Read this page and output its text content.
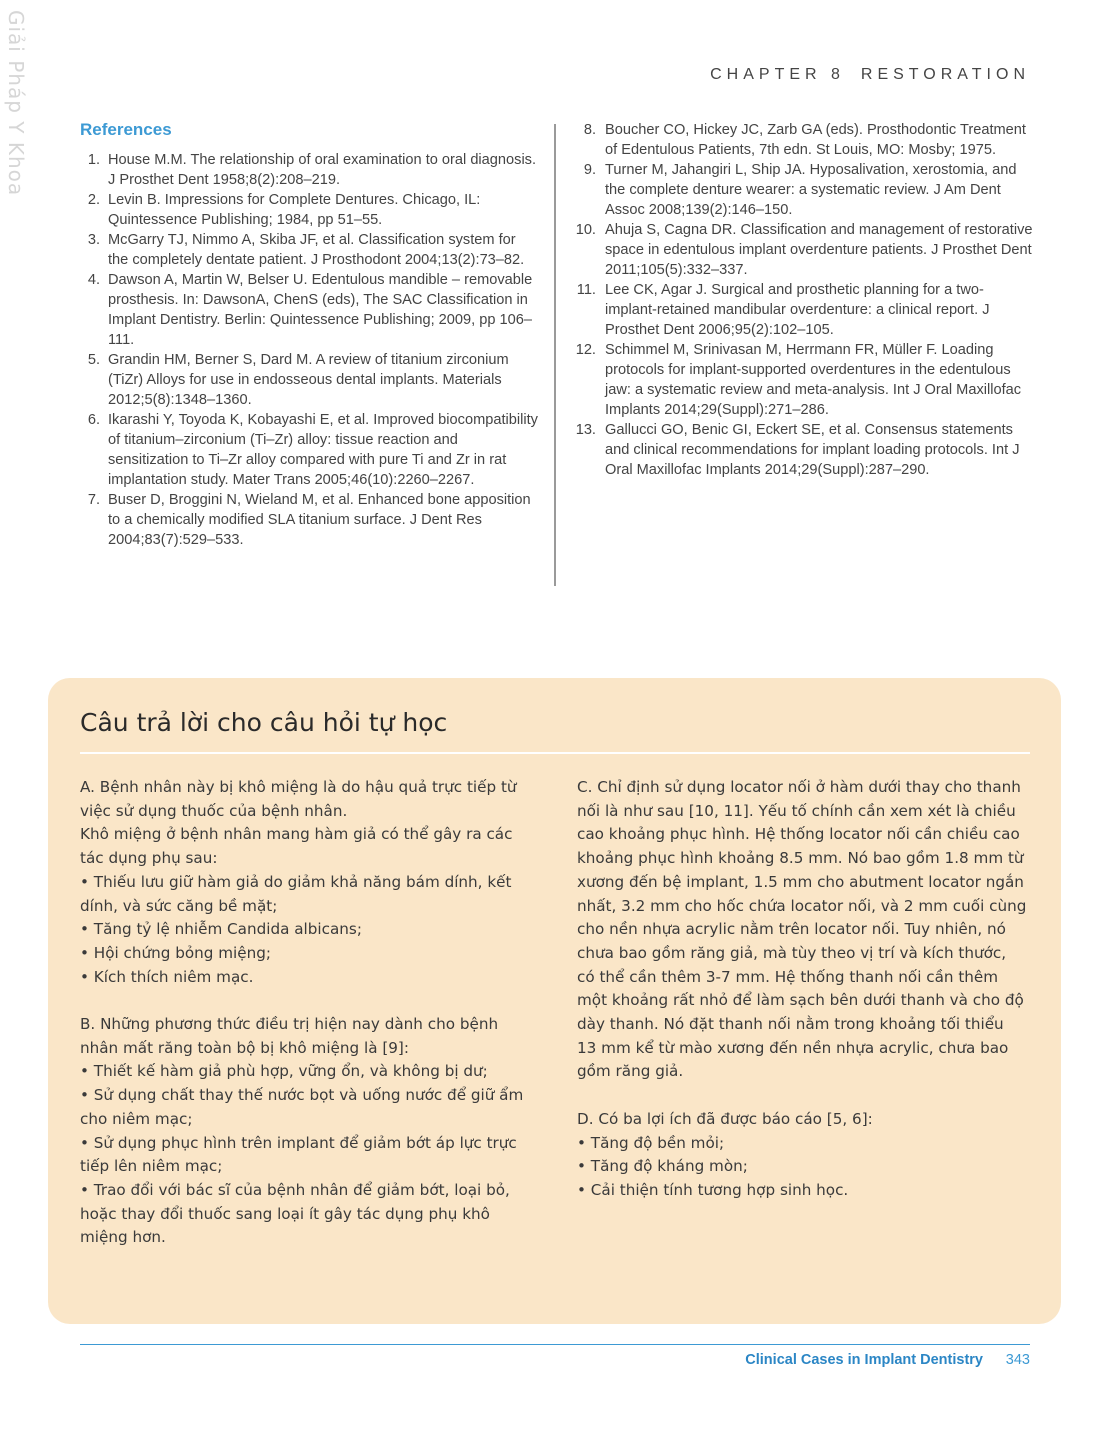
Giải Pháp Y Khoa	CHAPTER 8 RESTORATION
References
1. House M.M. The relationship of oral examination to oral diagnosis. J Prosthet Dent 1958;8(2):208–219.
2. Levin B. Impressions for Complete Dentures. Chicago, IL: Quintessence Publishing; 1984, pp 51–55.
3. McGarry TJ, Nimmo A, Skiba JF, et al. Classification system for the completely dentate patient. J Prosthodont 2004;13(2):73–82.
4. Dawson A, Martin W, Belser U. Edentulous mandible – removable prosthesis. In: DawsonA, ChenS (eds), The SAC Classification in Implant Dentistry. Berlin: Quintessence Publishing; 2009, pp 106–111.
5. Grandin HM, Berner S, Dard M. A review of titanium zirconium (TiZr) Alloys for use in endosseous dental implants. Materials 2012;5(8):1348–1360.
6. Ikarashi Y, Toyoda K, Kobayashi E, et al. Improved biocompatibility of titanium–zirconium (Ti–Zr) alloy: tissue reaction and sensitization to Ti–Zr alloy compared with pure Ti and Zr in rat implantation study. Mater Trans 2005;46(10):2260–2267.
7. Buser D, Broggini N, Wieland M, et al. Enhanced bone apposition to a chemically modified SLA titanium surface. J Dent Res 2004;83(7):529–533.
8. Boucher CO, Hickey JC, Zarb GA (eds). Prosthodontic Treatment of Edentulous Patients, 7th edn. St Louis, MO: Mosby; 1975.
9. Turner M, Jahangiri L, Ship JA. Hyposalivation, xerostomia, and the complete denture wearer: a systematic review. J Am Dent Assoc 2008;139(2):146–150.
10. Ahuja S, Cagna DR. Classification and management of restorative space in edentulous implant overdenture patients. J Prosthet Dent 2011;105(5):332–337.
11. Lee CK, Agar J. Surgical and prosthetic planning for a two-implant-retained mandibular overdenture: a clinical report. J Prosthet Dent 2006;95(2):102–105.
12. Schimmel M, Srinivasan M, Herrmann FR, Müller F. Loading protocols for implant-supported overdentures in the edentulous jaw: a systematic review and meta-analysis. Int J Oral Maxillofac Implants 2014;29(Suppl):271–286.
13. Gallucci GO, Benic GI, Eckert SE, et al. Consensus statements and clinical recommendations for implant loading protocols. Int J Oral Maxillofac Implants 2014;29(Suppl):287–290.
Câu trả lời cho câu hỏi tự học

A. Bệnh nhân này bị khô miệng là do hậu quả trực tiếp từ việc sử dụng thuốc của bệnh nhân.

Khô miệng ở bệnh nhân mang hàm giả có thể gây ra các tác dụng phụ sau:

• Thiếu lưu giữ hàm giả do giảm khả năng bám dính, kết dính, và sức căng bề mặt;

• Tăng tỷ lệ nhiễm Candida albicans;

• Hội chứng bỏng miệng;

• Kích thích niêm mạc.

B. Những phương thức điều trị hiện nay dành cho bệnh nhân mất răng toàn bộ bị khô miệng là [9]:

• Thiết kế hàm giả phù hợp, vững ổn, và không bị dư;

• Sử dụng chất thay thế nước bọt và uống nước để giữ ẩm cho niêm mạc;

• Sử dụng phục hình trên implant để giảm bớt áp lực trực tiếp lên niêm mạc;

• Trao đổi với bác sĩ của bệnh nhân để giảm bớt, loại bỏ, hoặc thay đổi thuốc sang loại ít gây tác dụng phụ khô miệng hơn.

C. Chỉ định sử dụng locator nối ở hàm dưới thay cho thanh nối là như sau [10, 11]. Yếu tố chính cần xem xét là chiều cao khoảng phục hình. Hệ thống locator nối cần chiều cao khoảng phục hình khoảng 8.5 mm. Nó bao gồm 1.8 mm từ xương đến bệ implant, 1.5 mm cho abutment locator ngắn nhất, 3.2 mm cho hốc chứa locator nối, và 2 mm cuối cùng cho nền nhựa acrylic nằm trên locator nối. Tuy nhiên, nó chưa bao gồm răng giả, mà tùy theo vị trí và kích thước, có thể cần thêm 3-7 mm. Hệ thống thanh nối cần thêm một khoảng rất nhỏ để làm sạch bên dưới thanh và cho độ dày thanh. Nó đặt thanh nối nằm trong khoảng tối thiểu 13 mm kể từ mào xương đến nền nhựa acrylic, chưa bao gồm răng giả.

D. Có ba lợi ích đã được báo cáo [5, 6]:

• Tăng độ bền mỏi;

• Tăng độ kháng mòn;

• Cải thiện tính tương hợp sinh học.

Clinical Cases in Implant Dentistry 343
